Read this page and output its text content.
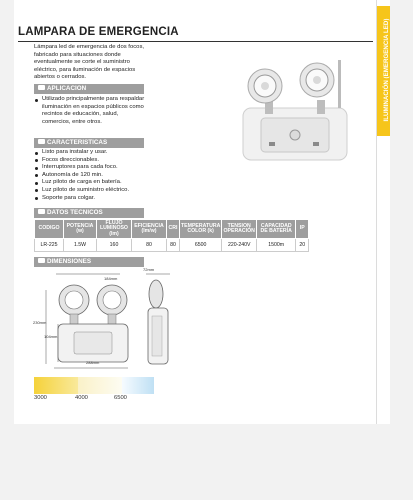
ILUMINACIÓN (EMERGENCIA LED)
LAMPARA DE EMERGENCIA
Lámpara led de emergencia de dos focos, fabricado para situaciones donde eventualmente se corte el suministro eléctrico, para iluminación de espacios abiertos o cerrados.
APLICACION
Utilizado principalmente para respaldar iluminación en espacios públicos como recintos de educación, salud, comercios, entre otros.
CARACTERISTICAS
Listo para instalar y usar.
Focos direccionables.
Interruptores para cada foco.
Autonomía de 120 min.
Luz piloto de carga en batería.
Luz piloto de suministro eléctrico.
Soporte para colgar.
DATOS TECNICOS
CODIGO	POTENCIA (w)	FLUJO LUMINOSO (lm)	EFICIENCIA (lm/w)	CRI	TEMPERATURA COLOR (k)	TENSION OPERACIÓN	CAPACIDAD DE BATERÍA	IP
LR-225	1.5W	160	80	80	6500	220-240V	1500m	20
DIMENSIONES
184mm
230mm
104mm
288mm
72mm
3000	4000	6500
